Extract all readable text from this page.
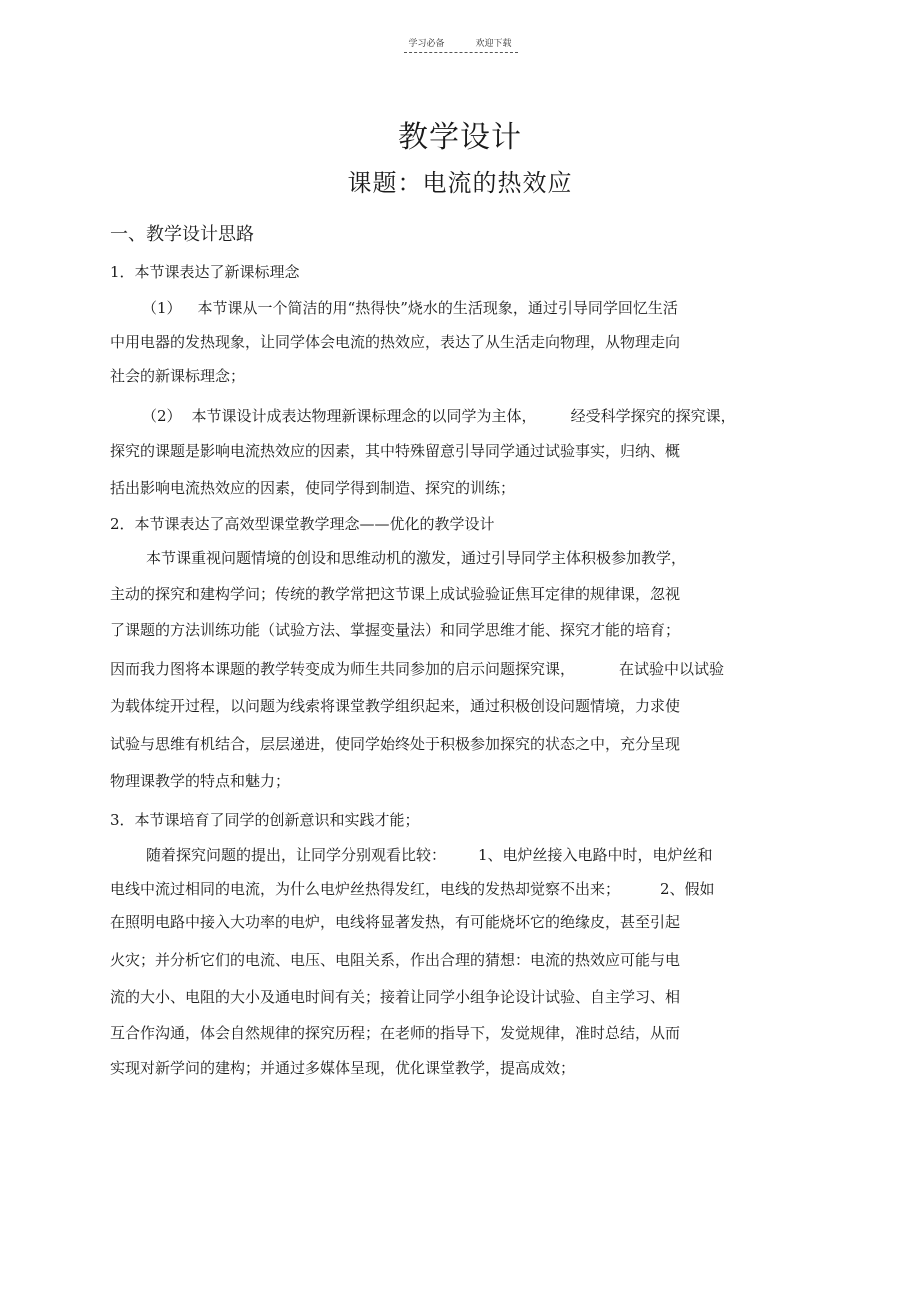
学习必备	欢迎下载
教学设计
课题：电流的热效应
一、教学设计思路
1．本节课表达了新课标理念
（1） 本节课从一个简洁的用“热得快”烧水的生活现象，通过引导同学回忆生活
中用电器的发热现象，让同学体会电流的热效应，表达了从生活走向物理，从物理走向
社会的新课标理念；
（2） 本节课设计成表达物理新课标理念的以同学为主体， 经受科学探究的探究课，
探究的课题是影响电流热效应的因素，其中特殊留意引导同学通过试验事实，归纳、概
括出影响电流热效应的因素，使同学得到制造、探究的训练；
2．本节课表达了高效型课堂教学理念——优化的教学设计
本节课重视问题情境的创设和思维动机的激发，通过引导同学主体积极参加教学，
主动的探究和建构学问；传统的教学常把这节课上成试验验证焦耳定律的规律课，忽视
了课题的方法训练功能（试验方法、掌握变量法）和同学思维才能、探究才能的培育；
因而我力图将本课题的教学转变成为师生共同参加的启示问题探究课，	在试验中以试验
为载体绽开过程，以问题为线索将课堂教学组织起来，通过积极创设问题情境，力求使
试验与思维有机结合，层层递进，使同学始终处于积极参加探究的状态之中，充分呈现
物理课教学的特点和魅力；
3．本节课培育了同学的创新意识和实践才能；
随着探究问题的提出，让同学分别观看比较： 1、电炉丝接入电路中时，电炉丝和
电线中流过相同的电流，为什么电炉丝热得发红，电线的发热却觉察不出来；	2、假如
在照明电路中接入大功率的电炉，电线将显著发热，有可能烧坏它的绝缘皮，甚至引起
火灾；并分析它们的电流、电压、电阻关系，作出合理的猜想：电流的热效应可能与电
流的大小、电阻的大小及通电时间有关；接着让同学小组争论设计试验、自主学习、相
互合作沟通，体会自然规律的探究历程；在老师的指导下，发觉规律，准时总结，从而
实现对新学问的建构；并通过多媒体呈现，优化课堂教学，提高成效；
